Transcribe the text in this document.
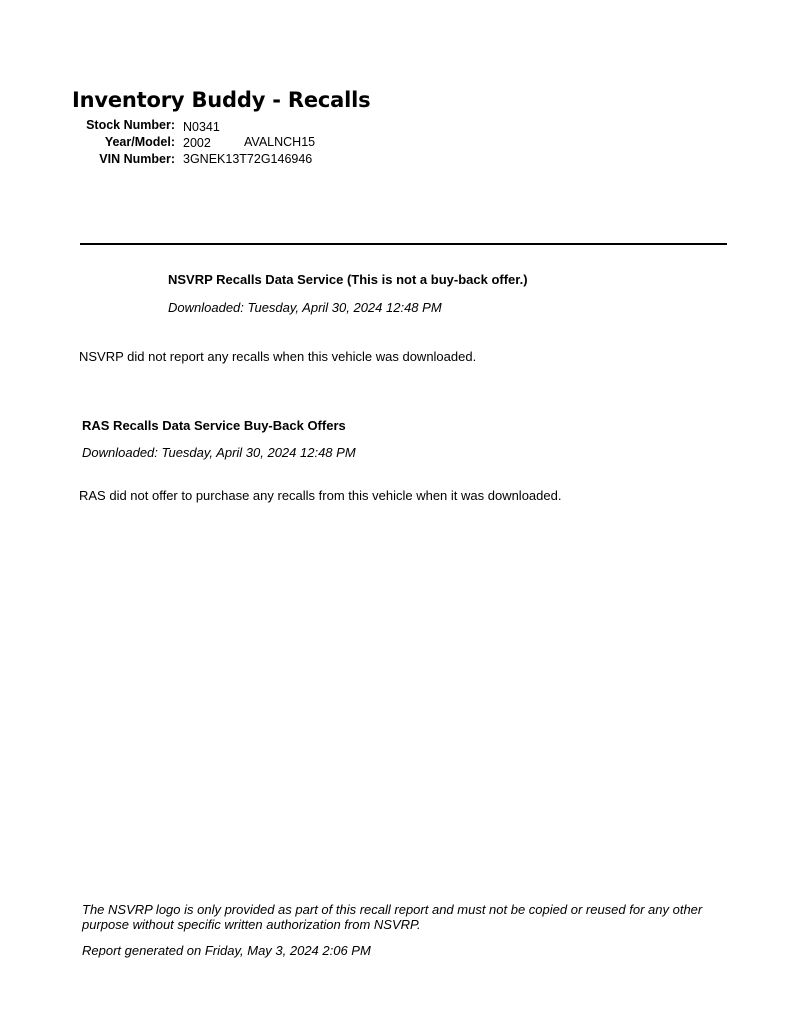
Inventory Buddy - Recalls
Stock Number: N0341
Year/Model: 2002	AVALNCH15
VIN Number: 3GNEK13T72G146946
NSVRP Recalls Data Service (This is not a buy-back offer.)
Downloaded: Tuesday, April 30, 2024 12:48 PM
NSVRP did not report any recalls when this vehicle was downloaded.
RAS Recalls Data Service Buy-Back Offers
Downloaded: Tuesday, April 30, 2024 12:48 PM
RAS did not offer to purchase any recalls from this vehicle when it was downloaded.
The NSVRP logo is only provided as part of this recall report and must not be copied or reused for any other purpose without specific written authorization from NSVRP.
Report generated on Friday, May 3, 2024 2:06 PM
